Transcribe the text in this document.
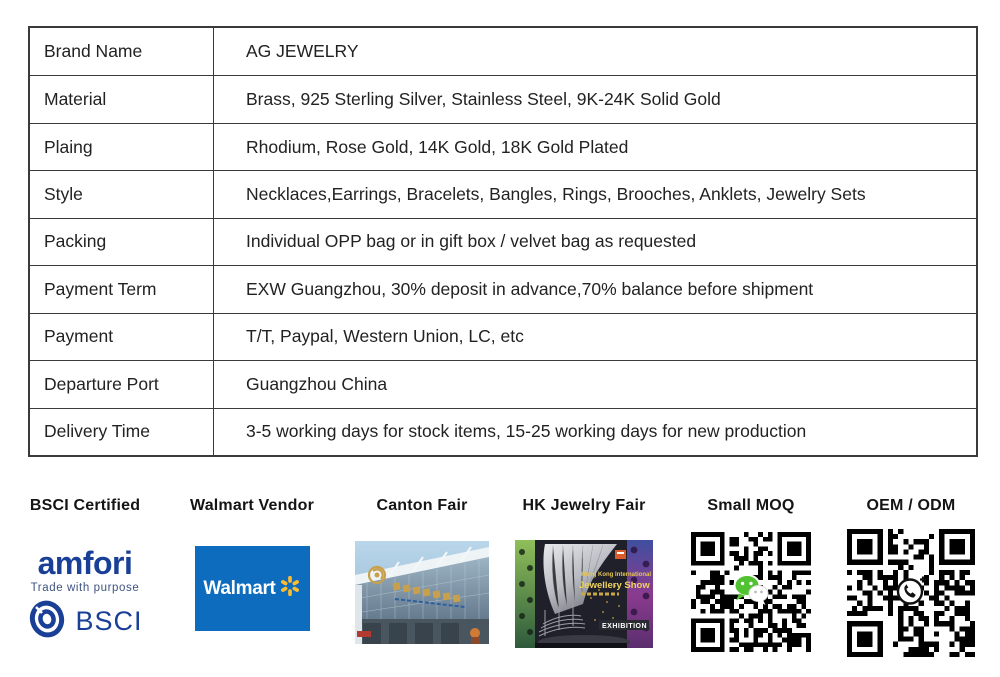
Brand Name	AG JEWELRY
Material	Brass, 925 Sterling Silver, Stainless Steel, 9K-24K Solid Gold
Plaing	Rhodium, Rose Gold, 14K Gold, 18K Gold Plated
Style	Necklaces,Earrings, Bracelets, Bangles, Rings, Brooches, Anklets, Jewelry Sets
Packing	Individual OPP bag or in gift box / velvet bag as requested
Payment Term	EXW Guangzhou, 30% deposit in advance,70% balance before shipment
Payment	T/T, Paypal, Western Union, LC, etc
Departure Port	Guangzhou China
Delivery Time	3-5 working days for stock items, 15-25 working days for new production
BSCI Certified
amfori
Trade with purpose
BSCI
Walmart Vendor
Walmart
Canton Fair	HK Jewelry Fair
Hong Kong International
Jewellery Show
EXHIBITION
Small MOQ	OEM / ODM
